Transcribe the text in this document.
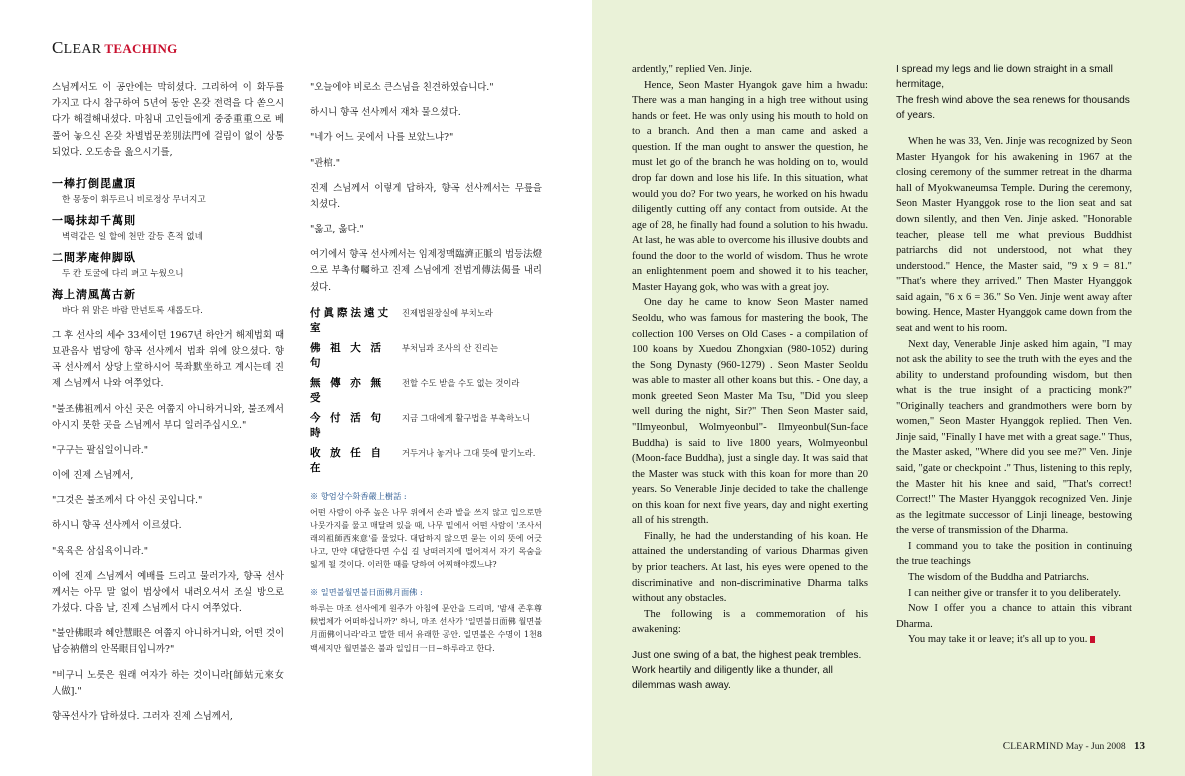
CLEAR TEACHING

스님께서도 이 공안에는 막히셨다. 그리하여 이 화두를 가지고 다시 참구하여 5년여 동안 온갖 전력을 다 쏟으시다가 해결해내셨다. 마침내 고인들에게 중중重重으로 베풀어 놓으신 온갖 차별법문差別法門에 걸림이 없이 상통되었다. 오도송을 읊으시기를,

一棒打倒毘盧頂
한 몽둥이 휘두르니 비로정상 무너지고
一喝抹却千萬則
벽력같은 일 할에 천만 갈등 흔적 없네
二間茅庵伸脚臥
두 칸 토굴에 다리 펴고 누웠으니
海上淸風萬古新
바다 위 맑은 바람 만년토록 새롭도다.

그 후 선사의 세수 33세이던 1967년 하안거 해제법회 때 묘관음사 법당에 향곡 선사께서 법좌 위에 앉으셨다. 향곡 선사께서 상당上堂하시어 묵좌默坐하고 계시는데 진제 스님께서 나와 여쭈었다.

"불조佛祖께서 아신 곳은 여쭙지 아니하거니와, 불조께서 아시지 못한 곳을 스님께서 부디 일러주십시오."

"구구는 팔십일이니라."

이에 진제 스님께서,

"그것은 불조께서 다 아신 곳입니다."

하시니 향곡 선사께서 이르셨다.

"육육은 삼십육이니라."

이에 진제 스님께서 예배를 드리고 물러가자, 향곡 선사께서는 아무 말 없이 법상에서 내려오셔서 조실 방으로 가셨다. 다음 날, 진제 스님께서 다시 여쭈었다.

"불안佛眼과 혜안慧眼은 여쭙지 아니하거니와, 어떤 것이 납승衲僧의 안목眼目입니까?"

"비구니 노릇은 원래 여자가 하는 것이니라[師姑元來女人做]."

향곡선사가 답하셨다. 그러자 진제 스님께서,

"오늘에야 비로소 큰스님을 친견하였습니다."

하시니 향곡 선사께서 재차 물으셨다.

"네가 어느 곳에서 나를 보았느냐?"

"관棺."

진제 스님께서 이렇게 답하자, 향곡 선사께서는 무릎을 치셨다.

"옳고, 옳다."

여기에서 향곡 선사께서는 임제정맥臨濟正脈의 법등法燈으로 부촉付囑하고 진제 스님에게 전법게傳法偈를 내리셨다.

付眞際法遠丈室
진제법원장실에 부치노라
佛 祖 大 活 句
부처님과 조사의 산 진리는
無 傳 亦 無 受
전할 수도 받을 수도 없는 것이라
今 付 活 句 時
지금 그대에게 활구법을 부촉하노니
收 放 任 自 在
거두거나 놓거나 그대 뜻에 맡기노라.
※ 향엄상수화香嚴上樹話 :
어떤 사람이 아주 높은 나무 위에서 손과 발을 쓰지 않고 입으로만 나뭇가지를 물고 매달려 있을 때, 나무 밑에서 어떤 사람이 '조사서래의祖師西來意'를 물었다. 대답하지 않으면 묻는 이의 뜻에 어긋나고, 만약 대답한다면 수십 길 낭떠러지에 떨어져서 자기 목숨을 잃게 될 것이다. 이러한 때를 당하여 어찌해야겠느냐?
※ 일면불월면불日面佛月面佛 :
하루는 마조 선사에게 원주가 아침에 문안을 드리며, '밤새 존후尊候법체가 어떠하십니까?' 하니, 마조 선사가 '일면불日面佛 월면불月面佛이니라'라고 말한 데서 유래한 공안. 일면불은 수명이 1천8백세지만 월면불은 불과 일입日一日−하루라고 한다.

ardently," replied Ven. Jinje.

Hence, Seon Master Hyangok gave him a hwadu: There was a man hanging in a high tree without using hands or feet. He was only using his mouth to hold on to a branch. And then a man came and asked a question. If the man ought to answer the question, he must let go of the branch he was holding on to, would drop far down and lose his life. In this situation, what would you do? For two years, he worked on his hwadu diligently cutting off any contact from outside. At the age of 28, he finally had found a solution to his hwadu. At last, he was able to overcome his illusive doubts and found the door to the world of wisdom. Thus he wrote an enlightenment poem and showed it to his teacher, Master Hayang gok, who was with a great joy.

One day he came to know Seon Master named Seoldu, who was famous for mastering the book, The collection 100 Verses on Old Cases - a compilation of 100 koans by Xuedou Zhongxian (980-1052) during the Song Dynasty (960-1279) . Seon Master Seoldu was able to master all other koans but this. - One day, a monk greeted Seon Master Ma Tsu, "Did you sleep well during the night, Sir?" Then Seon Master said, "Ilmyeonbul, Wolmyeonbul"- Ilmyeonbul(Sun-face Buddha) is said to live 1800 years, Wolmyeonbul (Moon-face Buddha), just a single day. It was said that the Master was stuck with this koan for more than 20 years. So Venerable Jinje decided to take the challenge on this koan for next five years, day and night exerting all of his strength.

Finally, he had the understanding of his koan. He attained the understanding of various Dharmas given by prior teachers. At last, his eyes were opened to the discriminative and non-discriminative Dharma talks without any obstacles.

The following is a commemoration of his awakening:

Just one swing of a bat, the highest peak trembles.

Work heartily and diligently like a thunder, all dilemmas wash away.

I spread my legs and lie down straight in a small hermitage,

The fresh wind above the sea renews for thousands of years.

When he was 33, Ven. Jinje was recognized by Seon Master Hyangok for his awakening in 1967 at the closing ceremony of the summer retreat in the dharma hall of Myokwaneumsa Temple. During the ceremony, Seon Master Hyanggok rose to the lion seat and sat down silently, and then Ven. Jinje asked. "Honorable teacher, please tell me what previous Buddhist patriarchs did not understood, not what they understood." Hence, the Master said, "9 x 9 = 81." "That's where they arrived." Then Master Hyanggok said again, "6 x 6 = 36." So Ven. Jinje went away after bowing. Hence, Master Hyanggok came down from the seat and went to his room.

Next day, Venerable Jinje asked him again, "I may not ask the ability to see the truth with the eyes and the ability to understand profounding wisdom, but then what is the true insight of a practicing monk?" "Originally teachers and grandmothers were born by women," Seon Master Hyanggok replied. Then Ven. Jinje said, "Finally I have met with a great sage." Thus, the Master asked, "Where did you see me?" Ven. Jinje said, "gate or checkpoint ." Thus, listening to this reply, the Master hit his knee and said, "That's correct! Correct!" The Master Hyanggok recognized Ven. Jinje as the legitmate successor of Linji lineage, bestowing the verse of transmission of the Dharma.

I command you to take the position in continuing the true teachings

The wisdom of the Buddha and Patriarchs.

I can neither give or transfer it to you deliberately.

Now I offer you a chance to attain this vibrant Dharma.

You may take it or leave; it's all up to you.

CLEARMIND May - Jun 2008 13
